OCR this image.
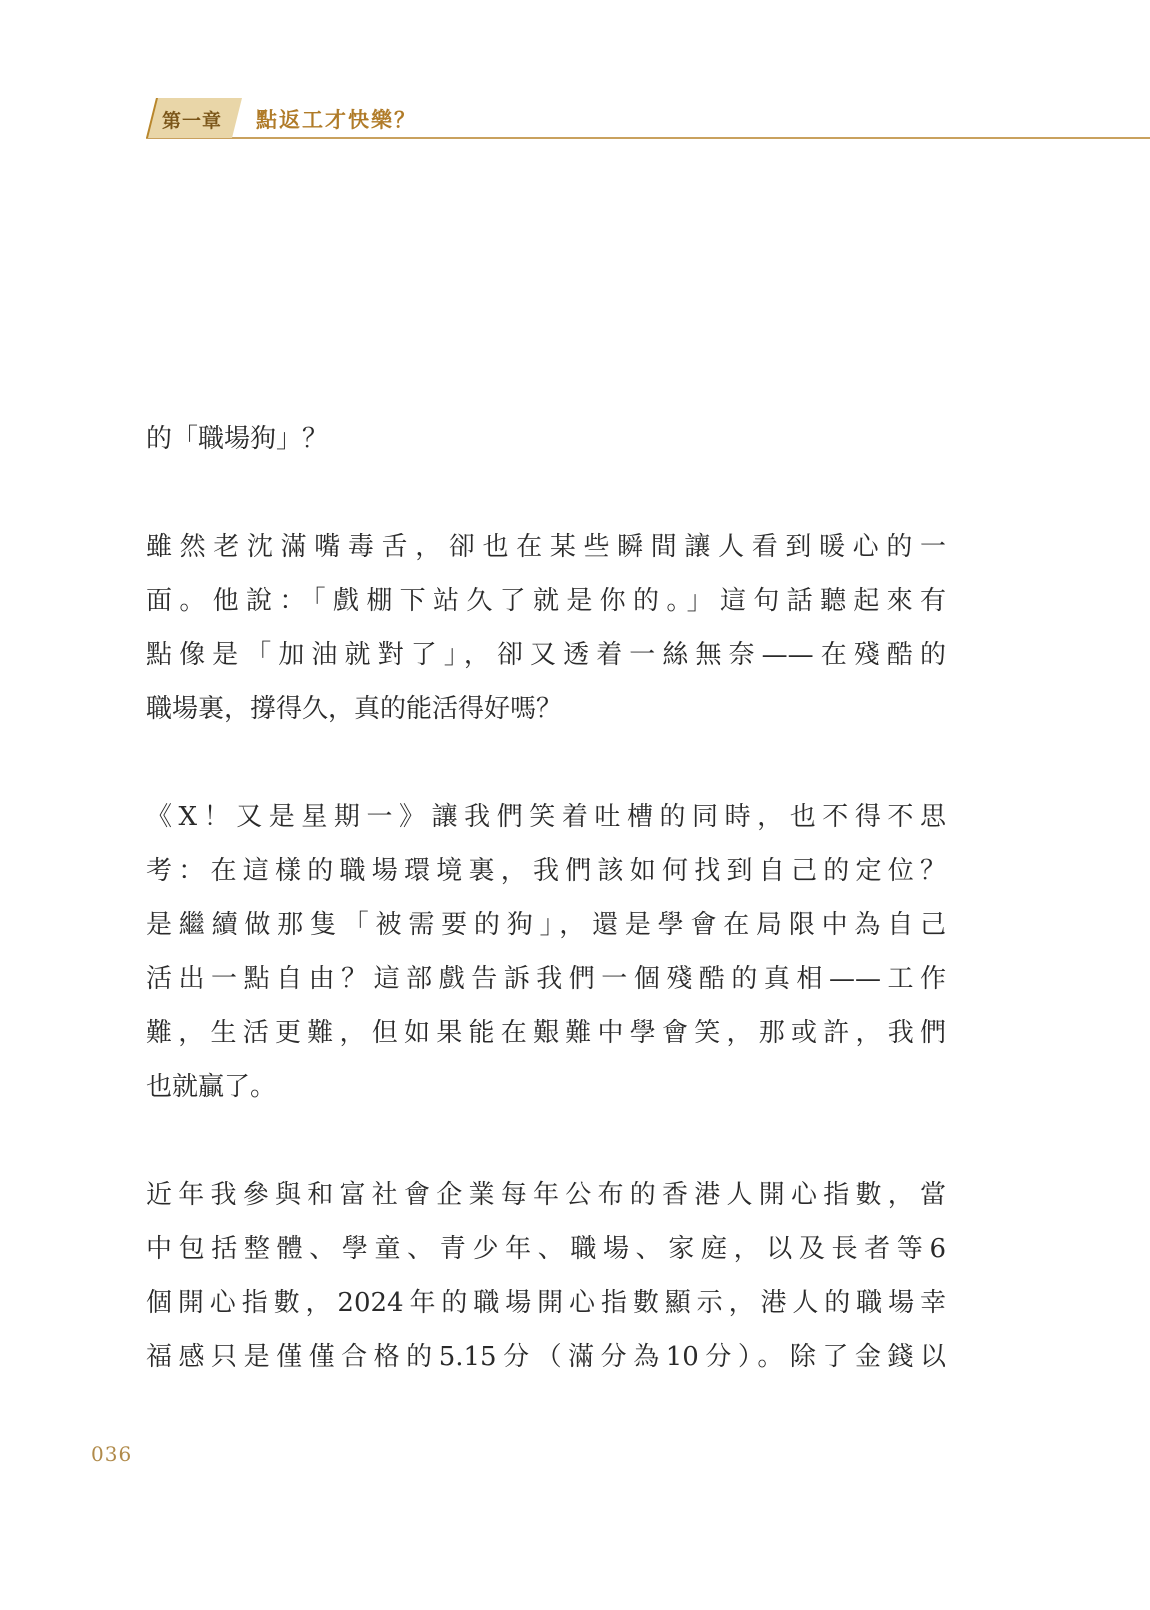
第一章 點返工才快樂？
的「職場狗」？
雖然老沈滿嘴毒舌，卻也在某些瞬間讓人看到暖心的一
面。他說：「戲棚下站久了就是你的。」這句話聽起來有
點像是「加油就對了」，卻又透着一絲無奈——在殘酷的
職場裏，撐得久，真的能活得好嗎？
《X！又是星期一》讓我們笑着吐槽的同時，也不得不思
考：在這樣的職場環境裏，我們該如何找到自己的定位？
是繼續做那隻「被需要的狗」，還是學會在局限中為自己
活出一點自由？這部戲告訴我們一個殘酷的真相——工作
難，生活更難，但如果能在艱難中學會笑，那或許，我們
也就贏了。
近年我參與和富社會企業每年公布的香港人開心指數，當
中包括整體、學童、青少年、職場、家庭，以及長者等6
個開心指數，2024年的職場開心指數顯示，港人的職場幸
福感只是僅僅合格的5.15分（滿分為10分）。除了金錢以
036
